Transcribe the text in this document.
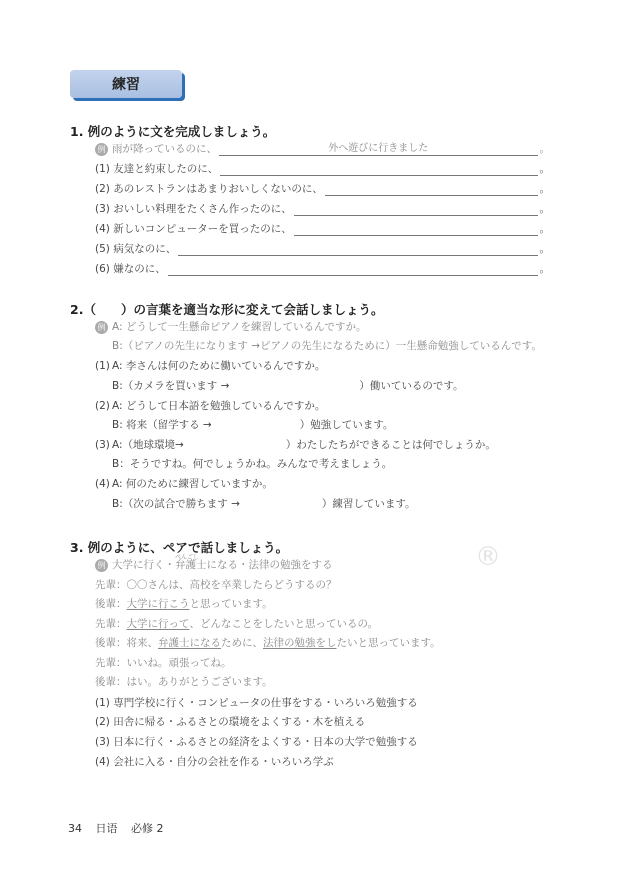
練習
®
1. 例のように文を完成しましょう。
例 雨が降っているのに、	外へ遊びに行きました	。
(1) 友達と約束したのに、	。
(2) あのレストランはあまりおいしくないのに、	。
(3) おいしい料理をたくさん作ったのに、	。
(4) 新しいコンピューターを買ったのに、	。
(5) 病気なのに、	。
(6) 嫌なのに、	。
2.（　　）の言葉を適当な形に変えて会話しましょう。
例 A: どうして一生懸命ピアノを練習しているんですか。
B:（ピアノの先生になります →ピアノの先生になるために）一生懸命勉強しているんです。
(1) A: 李さんは何のために働いているんですか。
B:（カメラを買います →	）働いているのです。
(2) A: どうして日本語を勉強しているんですか。
B: 将来（留学する →	）勉強しています。
(3) A:（地球環境→	）わたしたちができることは何でしょうか。
B：そうですね。何でしょうかね。みんなで考えましょう。
(4) A: 何のために練習していますか。
B:（次の試合で勝ちます →	）練習しています。
3. 例のように、ペアで話しましょう。
例 大学に行く・
べんごし
弁護士 になる・法律の勉強をする
先輩：〇〇さんは、高校を卒業したらどうするの？
後輩： 大学に行こう と思っています。
先輩： 大学に行って 、どんなことをしたいと思っているの。
後輩：将来、 弁護士になる ために、 法律の勉強をし たいと思っています。
先輩：いいね。頑張ってね。
後輩：はい。ありがとうございます。
(1) 専門学校に行く・コンピュータの仕事をする・いろいろ勉強する
(2) 田舎に帰る・ふるさとの環境をよくする・木を植える
(3) 日本に行く・ふるさとの経済をよくする・日本の大学で勉強する
(4) 会社に入る・自分の会社を作る・いろいろ学ぶ
34 日语 必修 2
